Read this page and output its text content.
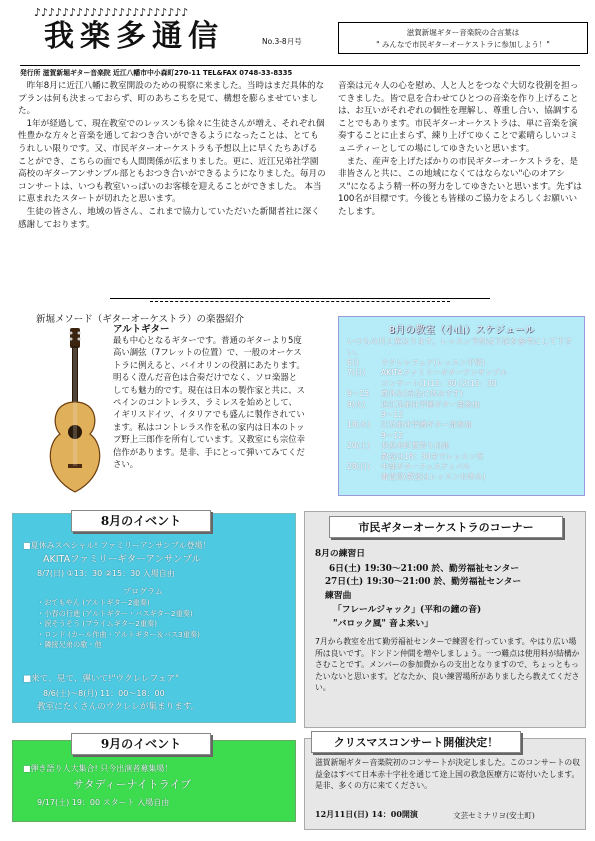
♪♪♪♪♪♪♪♪♪♪♪♪♪♪♪♪♪♪♪♪♪♪
我楽多通信	No.3-8月号
滋賀新堀ギター音楽院の合言葉は
" みんなで市民ギターオーケストラに参加しよう！"
発行所 滋賀新堀ギター音楽院 近江八幡市中小森町270-11 TEL&FAX 0748-33-8335

昨年8月に近江八幡に教室開設のための視察に来ました。当時はまだ具体的なプランは何も決まっておらず、町のあちこちを見て、構想を膨らませていました。

1年が経過して、現在教室でのレッスンも徐々に生徒さんが増え、それぞれ個性豊かな方々と音楽を通しておつき合いができるようになったことは、とてもうれしい限りです。又、市民ギターオーケストラも予想以上に早くたちあげることができ、こちらの面でも人間関係が広まりました。更に、近江兄弟社学園高校のギターアンサンブル部ともおつき合いができるようになりました。毎月のコンサートは、いつも教室いっぱいのお客様を迎えることができました。 本当に恵まれたスタートが切れたと思います。

生徒の皆さん、地域の皆さん、これまで協力していただいた新聞者社に深く感謝しております。

音楽は元々人の心を慰め、人と人とをつなぐ大切な役割を担ってきました。皆で息を合わせてひとつの音楽を作り上げることは、お互いがそれぞれの個性を理解し、尊重し合い、協調することでもあります。市民ギターオーケストラは、単に音楽を演奏することに止まらず、練り上げてゆくことで素晴らしいコミュニティーとしての場にしてゆきたいと思います。

また、産声を上げたばかりの市民ギターオーケストラを、是非皆さんと共に、この地域になくてはならない"心のオアシス"になるよう精一杯の努力をしてゆきたいと思います。先ずは100名が目標です。今後とも皆様のご協力をよろしくお願いいたします。

新堀メソード（ギターオーケストラ）の楽器紹介
アルトギター
最も中心となるギターです。普通のギターより5度高い調弦（7フレットの位置）で、一般のオーケストラに例えると、バイオリンの役割にあたります。明るく澄んだ音色は合奏だけでなく、ソロ楽器としても魅力的です。現在は日本の製作家と共に、スペインのコントレラス、ラミレスを始めとして、イギリスドイツ、イタリアでも盛んに製作されています。私はコントレラス作を私の家内は日本のトップ野上三郎作を所有しています。又教室にも宗位幸信作があります。是非、手にとって弾いてみてください。
8月の教室（小山）スケジュール
いつもの月と異なります。レッスン予約は下記を参考にして下さい。
6日	ウクレレフェア(レッスン平常)
7(日)	AKITAファミリーギターアンサンブル
コンサート(1)13：30 (2)15：30
9〜15	夏休み(完全に休みです)
9(火)	近江兄弟社学園ギター部参加
9〜12
18(木)	江兄弟社学園ギター部参加
9〜12
20(土)	長浜米町夏祭り出演
教室は18：30までレッスン有
28(日)	中部ギターフェスティバル
審査員(教室はレッスンお休み)
8月のイベント
■夏休みスペシャル! ファミリーアンサンブル登場！
AKITAファミリーギターアンサンブル
8/7(日) ①13：30 ②15：30 入場自由
プログラム
・おてもやん (アルトギター2重奏)
・小春の行進 (アルトギター・バスギター2重奏)
・涙そうそう (プライムギター2重奏)
・ロンド (カール作曲・アルトギター＆バス3重奏)
・隣接兄弟の歌・他
■来て、見て、弾いて!"ウクレレフェア"
8/6(土)〜8(月) 11：00〜18：00
教室にたくさんのウクレレが集まります。
市民ギターオーケストラのコーナー
8月の練習日
6日(土) 19:30〜21:00 於、勤労福祉センター
27日(土) 19:30〜21:00 於、勤労福祉センター
練習曲
「フレールジャック」(平和の鐘の音)
"バロック風" 音よ来い」
7月から教室を出て勤労福祉センターで練習を行っています。やはり広い場所は良いです。ドンドン仲間を増やしましょう。一つ難点は使用料が結構かさむことです。メンバーの参加費からの支出となりますので、ちょっともったいないと思います。どなたか、良い練習場所がありましたら教えてください。
9月のイベント
■弾き語り人大集合! 只今出演者募集場！
サタディーナイトライブ
9/17(土) 19：00 スタート 入場自由
クリスマスコンサート開催決定！
滋賀新堀ギター音楽院初のコンサートが決定しました。このコンサートの収益金はすべて日本赤十字社を通じて途上国の救急医療方に寄付いたします。是非、多くの方に来てください。
12月11日(日) 14：00開演	文芸セミナリヨ(安土町)
